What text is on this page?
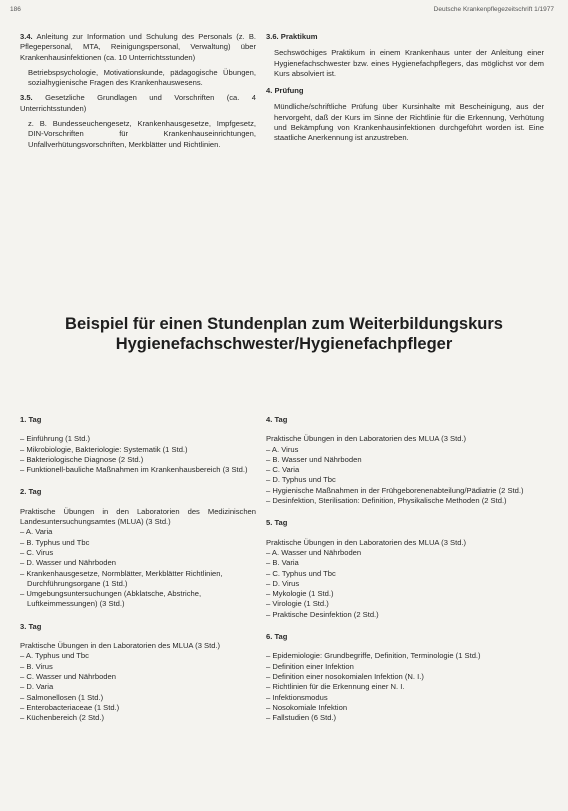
186	Deutsche Krankenpflegezeitschrift 1/1977

3.4. Anleitung zur Information und Schulung des Personals (z. B. Pflegepersonal, MTA, Reinigungspersonal, Verwaltung) über Krankenhausinfektionen (ca. 10 Unterrichtsstunden)

Betriebspsychologie, Motivationskunde, pädagogische Übungen, sozialhygienische Fragen des Krankenhauswesens.

3.5. Gesetzliche Grundlagen und Vorschriften (ca. 4 Unterrichtsstunden)

z. B. Bundesseuchengesetz, Krankenhausgesetze, Impfgesetz, DIN-Vorschriften für Krankenhauseinrichtungen, Unfallverhütungsvorschriften, Merkblätter und Richtlinien.

3.6. Praktikum

Sechswöchiges Praktikum in einem Krankenhaus unter der Anleitung einer Hygienefachschwester bzw. eines Hygienefachpflegers, das möglichst vor dem Kurs absolviert ist.

4. Prüfung

Mündliche/schriftliche Prüfung über Kursinhalte mit Bescheinigung, aus der hervorgeht, daß der Kurs im Sinne der Richtlinie für die Erkennung, Verhütung und Bekämpfung von Krankenhausinfektionen durchgeführt worden ist. Eine staatliche Anerkennung ist anzustreben.

Beispiel für einen Stundenplan zum Weiterbildungskurs
Hygienefachschwester/Hygienefachpfleger
1. Tag
– Einführung (1 Std.)
– Mikrobiologie, Bakteriologie: Systematik (1 Std.)
– Bakteriologische Diagnose (2 Std.)
– Funktionell-bauliche Maßnahmen im Krankenhausbereich (3 Std.)
2. Tag

Praktische Übungen in den Laboratorien des Medizinischen Landesuntersuchungsamtes (MLUA) (3 Std.)

– A. Varia
– B. Typhus und Tbc
– C. Virus
– D. Wasser und Nährboden
– Krankenhausgesetze, Normblätter, Merkblätter Richtlinien, Durchführungsorgane (1 Std.)
– Umgebungsuntersuchungen (Abklatsche, Abstriche, Luftkeimmessungen) (3 Std.)
3. Tag

Praktische Übungen in den Laboratorien des MLUA (3 Std.)

– A. Typhus und Tbc
– B. Virus
– C. Wasser und Nährboden
– D. Varia
– Salmonellosen (1 Std.)
– Enterobacteriaceae (1 Std.)
– Küchenbereich (2 Std.)
4. Tag

Praktische Übungen in den Laboratorien des MLUA (3 Std.)

– A. Virus
– B. Wasser und Nährboden
– C. Varia
– D. Typhus und Tbc
– Hygienische Maßnahmen in der Frühgeborenenabteilung/Pädiatrie (2 Std.)
– Desinfektion, Sterilisation: Definition, Physikalische Methoden (2 Std.)
5. Tag

Praktische Übungen in den Laboratorien des MLUA (3 Std.)

– A. Wasser und Nährboden
– B. Varia
– C. Typhus und Tbc
– D. Virus
– Mykologie (1 Std.)
– Virologie (1 Std.)
– Praktische Desinfektion (2 Std.)
6. Tag
– Epidemiologie: Grundbegriffe, Definition, Terminologie (1 Std.)
– Definition einer Infektion
– Definition einer nosokomialen Infektion (N. I.)
– Richtlinien für die Erkennung einer N. I.
– Infektionsmodus
– Nosokomiale Infektion
– Fallstudien (6 Std.)
